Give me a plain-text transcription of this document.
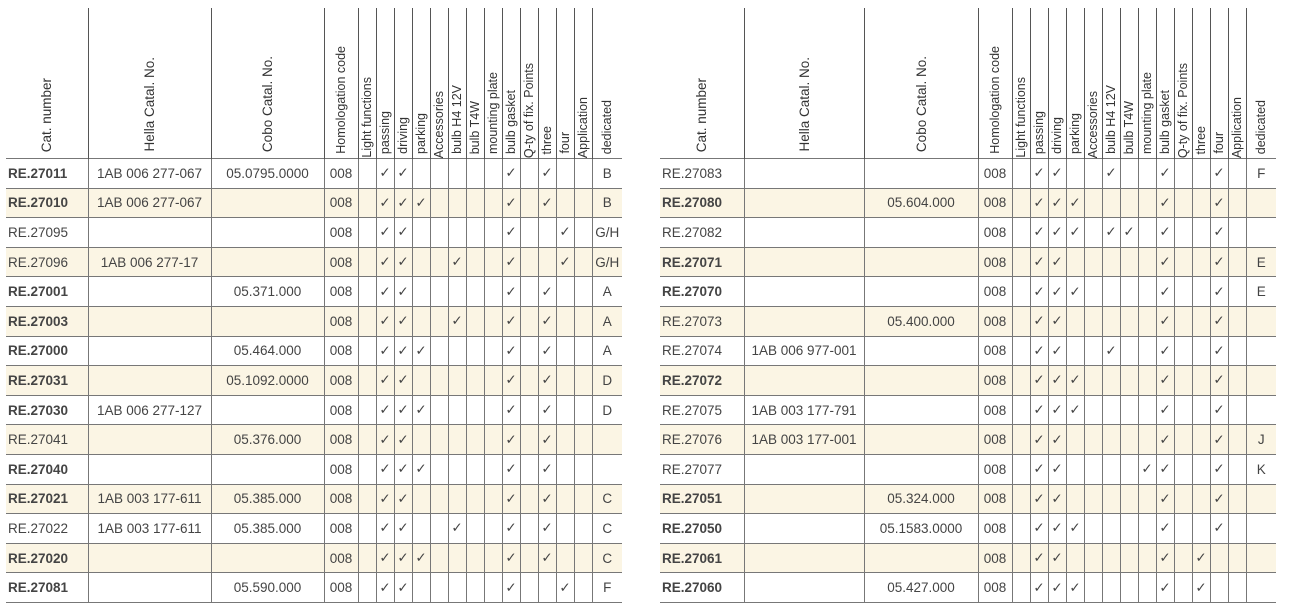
Cat. number	Hella Catal. No.	Cobo Catal. No.	Homologation code	Light functions	passing	driving	parking	Accessories	bulb H4 12V	bulb T4W	mounting plate	bulb gasket	Q-ty of fix. Points	three	four	Application	dedicated

RE.27011	1AB 006 277-067	05.0795.0000	008		✓	✓						✓		✓			B
RE.27010	1AB 006 277-067		008		✓	✓	✓					✓		✓			B
RE.27095			008		✓	✓						✓			✓		G/H
RE.27096	1AB 006 277-17		008		✓	✓			✓			✓			✓		G/H
RE.27001		05.371.000	008		✓	✓						✓		✓			A
RE.27003			008		✓	✓			✓			✓		✓			A
RE.27000		05.464.000	008		✓	✓	✓					✓		✓			A
RE.27031		05.1092.0000	008		✓	✓						✓		✓			D
RE.27030	1AB 006 277-127		008		✓	✓	✓					✓		✓			D
RE.27041		05.376.000	008		✓	✓						✓		✓			
RE.27040			008		✓	✓	✓					✓		✓			
RE.27021	1AB 003 177-611	05.385.000	008		✓	✓						✓		✓			C
RE.27022	1AB 003 177-611	05.385.000	008		✓	✓			✓			✓		✓			C
RE.27020			008		✓	✓	✓					✓		✓			C
RE.27081		05.590.000	008		✓	✓						✓			✓		F
Cat. number	Hella Catal. No.	Cobo Catal. No.	Homologation code	Light functions	passing	driving	parking	Accessories	bulb H4 12V	bulb T4W	mounting plate	bulb gasket	Q-ty of fix. Points	three	four	Application	dedicated

RE.27083			008		✓	✓			✓			✓			✓		F
RE.27080		05.604.000	008		✓	✓	✓					✓			✓		
RE.27082			008		✓	✓	✓		✓	✓		✓			✓		
RE.27071			008		✓	✓						✓			✓		E
RE.27070			008		✓	✓	✓					✓			✓		E
RE.27073		05.400.000	008		✓	✓						✓			✓		
RE.27074	1AB 006 977-001		008		✓	✓			✓			✓			✓		
RE.27072			008		✓	✓	✓					✓			✓		
RE.27075	1AB 003 177-791		008		✓	✓	✓					✓			✓		
RE.27076	1AB 003 177-001		008		✓	✓						✓			✓		J
RE.27077			008		✓	✓					✓	✓			✓		K
RE.27051		05.324.000	008		✓	✓						✓			✓		
RE.27050		05.1583.0000	008		✓	✓	✓					✓			✓		
RE.27061			008		✓	✓						✓		✓			
RE.27060		05.427.000	008		✓	✓	✓					✓		✓			
